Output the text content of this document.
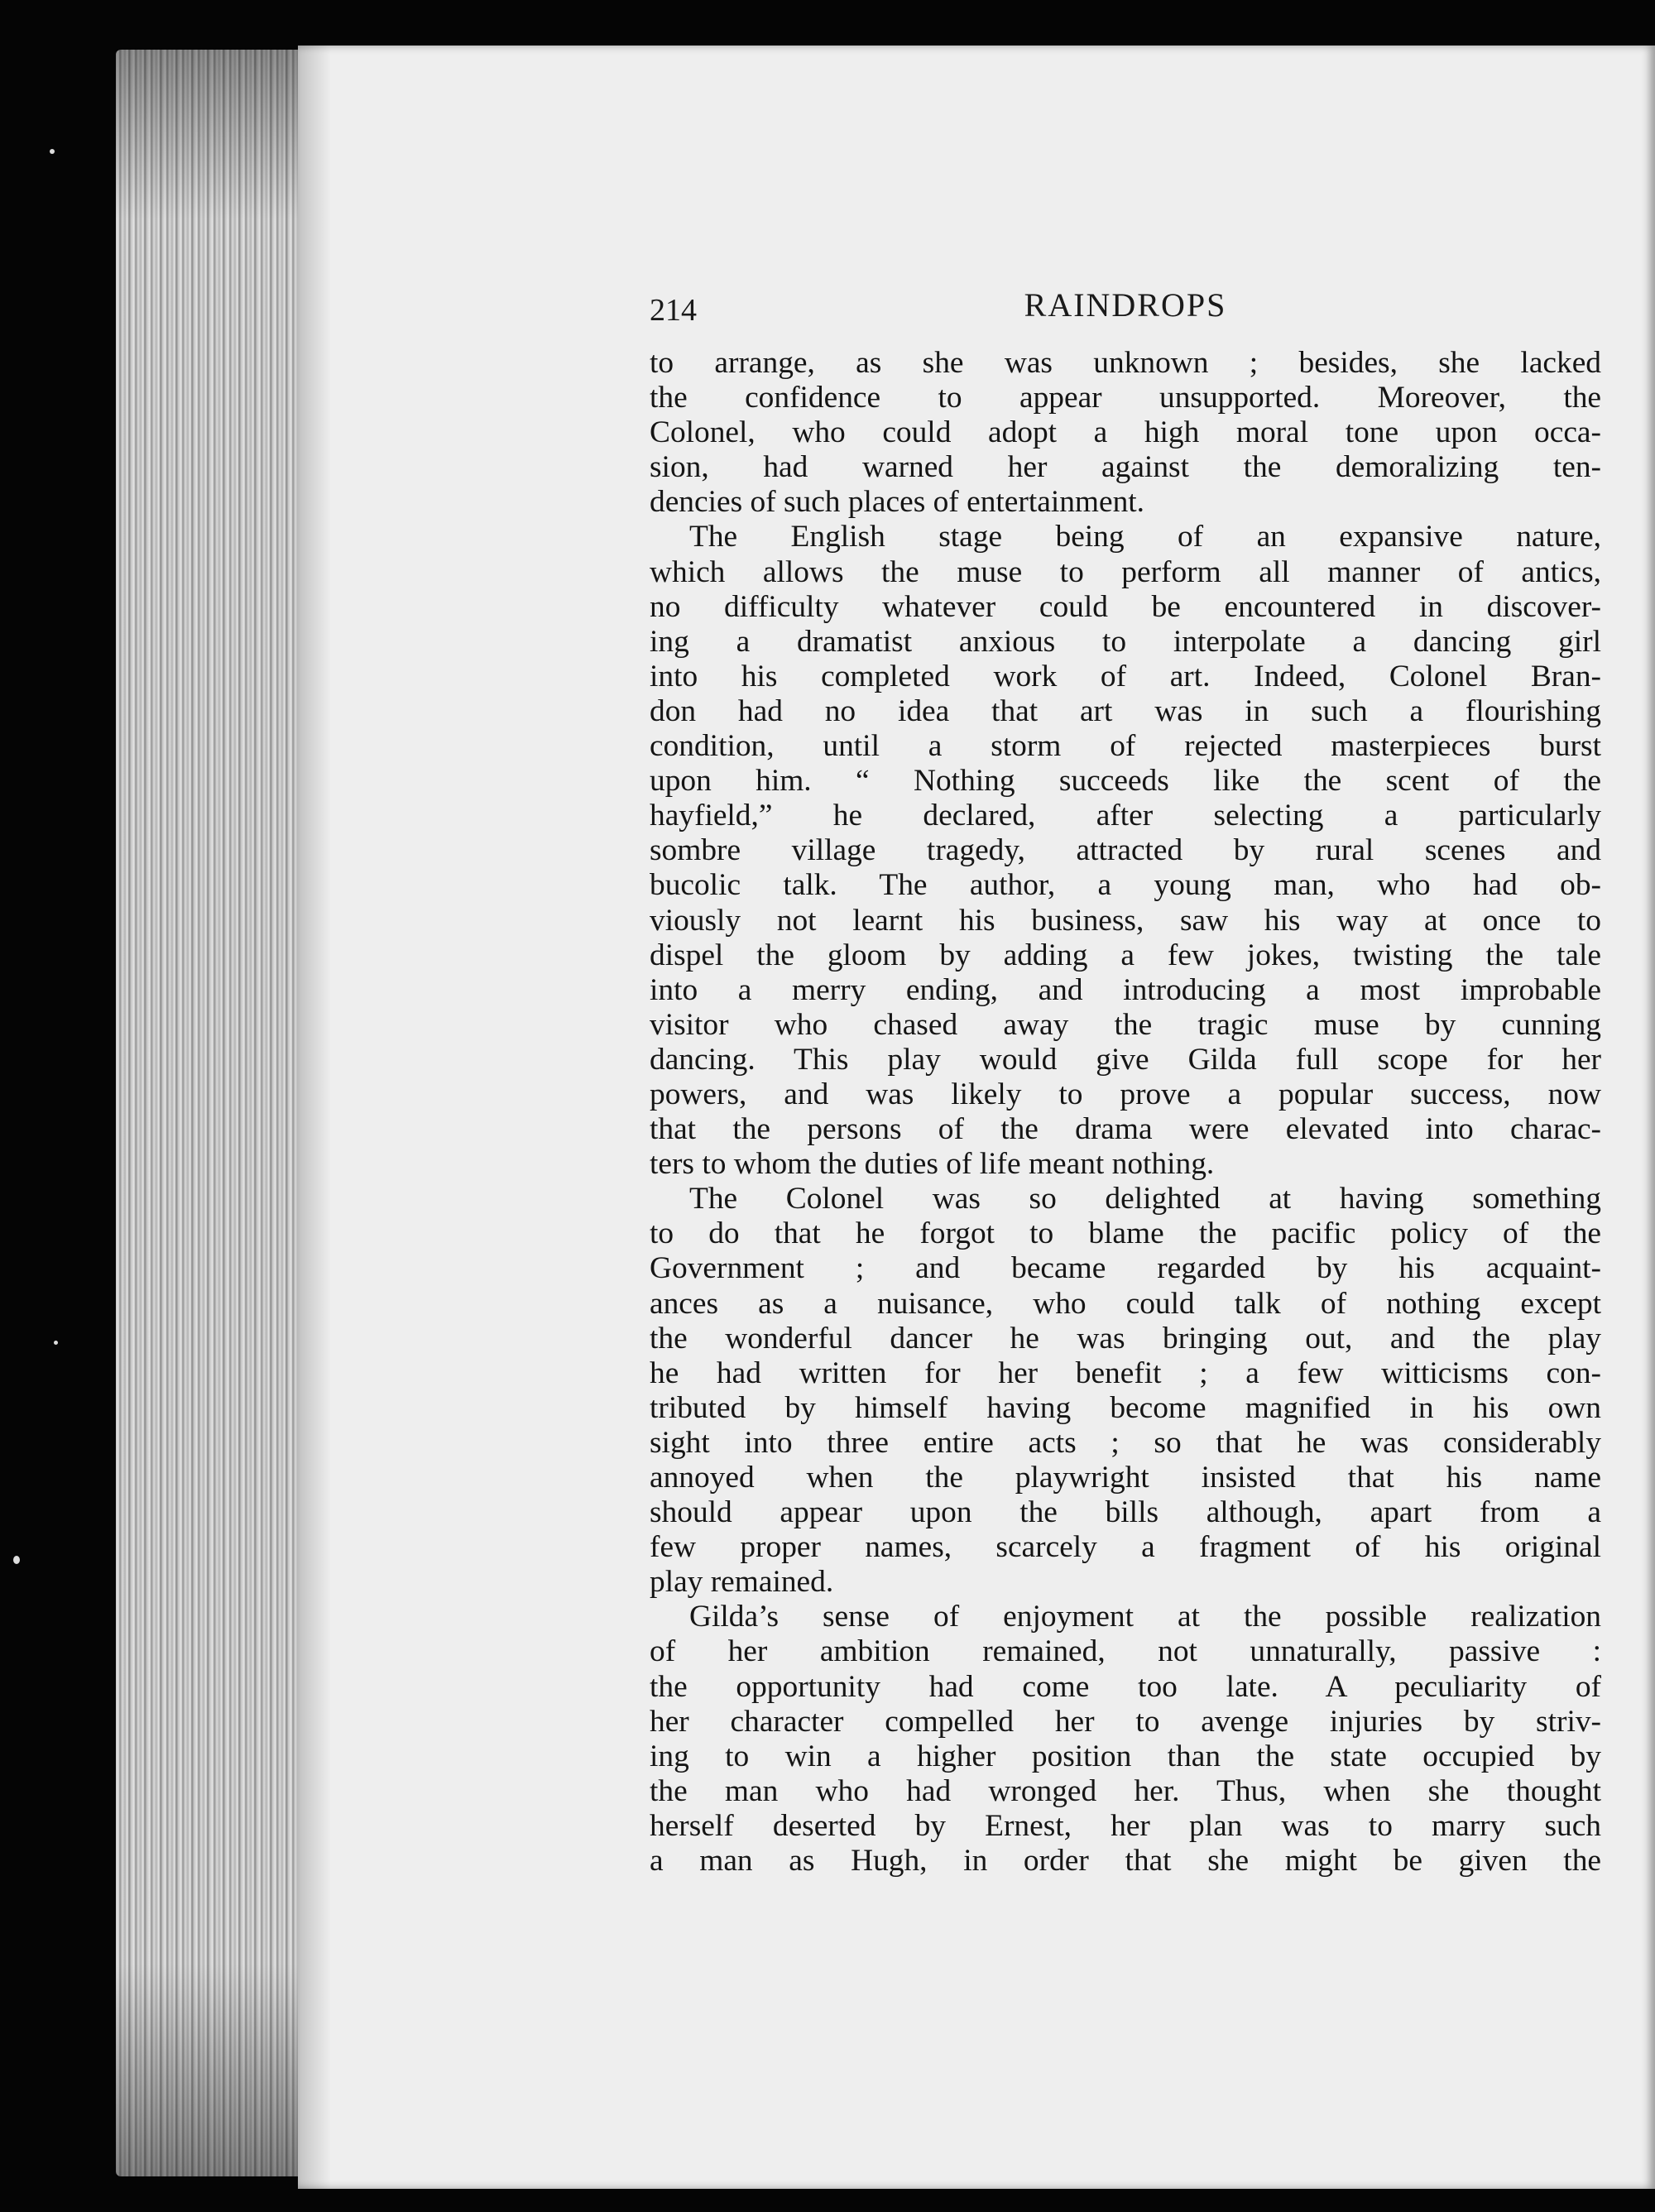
214	RAINDROPS
to arrange, as she was unknown ; besides, she lacked
the confidence to appear unsupported. Moreover, the
Colonel, who could adopt a high moral tone upon occa-
sion, had warned her against the demoralizing ten-
dencies of such places of entertainment.
The English stage being of an expansive nature,
which allows the muse to perform all manner of antics,
no difficulty whatever could be encountered in discover-
ing a dramatist anxious to interpolate a dancing girl
into his completed work of art. Indeed, Colonel Bran-
don had no idea that art was in such a flourishing
condition, until a storm of rejected masterpieces burst
upon him. “ Nothing succeeds like the scent of the
hayfield,” he declared, after selecting a particularly
sombre village tragedy, attracted by rural scenes and
bucolic talk. The author, a young man, who had ob-
viously not learnt his business, saw his way at once to
dispel the gloom by adding a few jokes, twisting the tale
into a merry ending, and introducing a most improbable
visitor who chased away the tragic muse by cunning
dancing. This play would give Gilda full scope for her
powers, and was likely to prove a popular success, now
that the persons of the drama were elevated into charac-
ters to whom the duties of life meant nothing.
The Colonel was so delighted at having something
to do that he forgot to blame the pacific policy of the
Government ; and became regarded by his acquaint-
ances as a nuisance, who could talk of nothing except
the wonderful dancer he was bringing out, and the play
he had written for her benefit ; a few witticisms con-
tributed by himself having become magnified in his own
sight into three entire acts ; so that he was considerably
annoyed when the playwright insisted that his name
should appear upon the bills although, apart from a
few proper names, scarcely a fragment of his original
play remained.
Gilda’s sense of enjoyment at the possible realization
of her ambition remained, not unnaturally, passive :
the opportunity had come too late. A peculiarity of
her character compelled her to avenge injuries by striv-
ing to win a higher position than the state occupied by
the man who had wronged her. Thus, when she thought
herself deserted by Ernest, her plan was to marry such
a man as Hugh, in order that she might be given the
